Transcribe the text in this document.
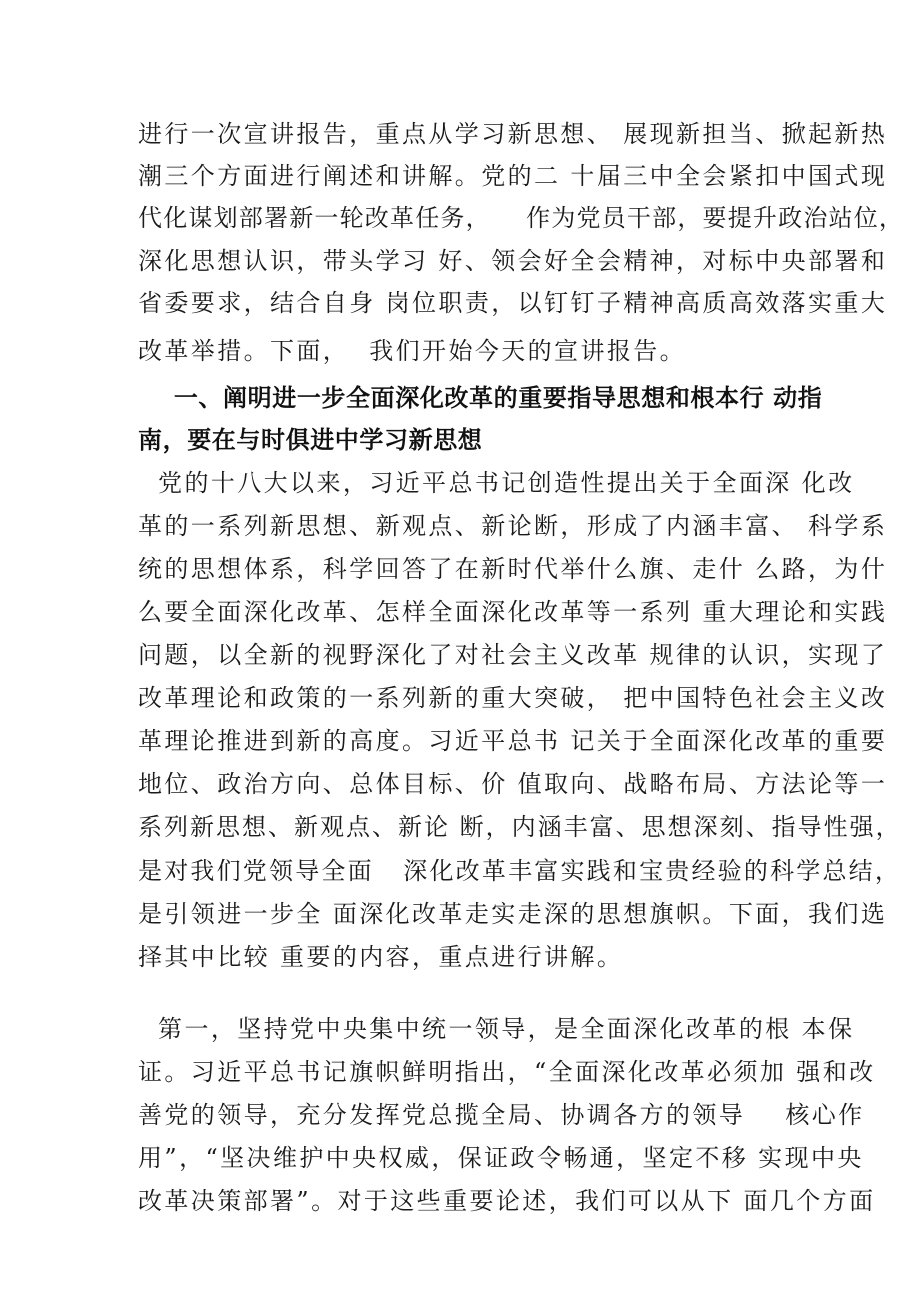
进行一次宣讲报告，重点从学习新思想、 展现新担当、掀起新热
潮三个方面进行阐述和讲解。党的二 十届三中全会紧扣中国式现
代化谋划部署新一轮改革任务，    作为党员干部，要提升政治站位，
深化思想认识，带头学习 好、领会好全会精神，对标中央部署和
省委要求，结合自身 岗位职责，以钉钉子精神高质高效落实重大
改革举措。下面，  我们开始今天的宣讲报告。
一、阐明进一步全面深化改革的重要指导思想和根本行 动指
南，要在与时俱进中学习新思想
党的十八大以来，习近平总书记创造性提出关于全面深 化改
革的一系列新思想、新观点、新论断，形成了内涵丰富、 科学系
统的思想体系，科学回答了在新时代举什么旗、走什 么路，为什
么要全面深化改革、怎样全面深化改革等一系列 重大理论和实践
问题，以全新的视野深化了对社会主义改革 规律的认识，实现了
改革理论和政策的一系列新的重大突破， 把中国特色社会主义改
革理论推进到新的高度。习近平总书 记关于全面深化改革的重要
地位、政治方向、总体目标、价 值取向、战略布局、方法论等一
系列新思想、新观点、新论 断，内涵丰富、思想深刻、指导性强，
是对我们党领导全面   深化改革丰富实践和宝贵经验的科学总结，
是引领进一步全 面深化改革走实走深的思想旗帜。下面，我们选
择其中比较 重要的内容，重点进行讲解。
第一，坚持党中央集中统一领导，是全面深化改革的根 本保
证。习近平总书记旗帜鲜明指出，“全面深化改革必须加 强和改
善党的领导，充分发挥党总揽全局、协调各方的领导    核心作
用”，“坚决维护中央权威，保证政令畅通，坚定不移 实现中央
改革决策部署”。对于这些重要论述，我们可以从下 面几个方面
